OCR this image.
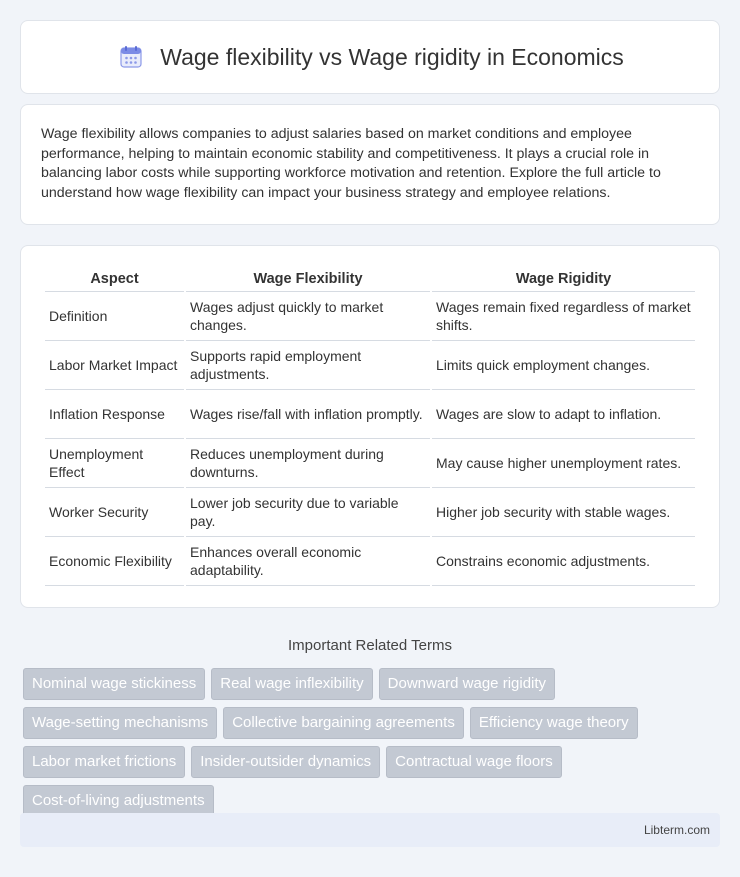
Wage flexibility vs Wage rigidity in Economics

Wage flexibility allows companies to adjust salaries based on market conditions and employee performance, helping to maintain economic stability and competitiveness. It plays a crucial role in balancing labor costs while supporting workforce motivation and retention. Explore the full article to understand how wage flexibility can impact your business strategy and employee relations.

Aspect	Wage Flexibility	Wage Rigidity
Definition	Wages adjust quickly to market changes.	Wages remain fixed regardless of market shifts.
Labor Market Impact	Supports rapid employment adjustments.	Limits quick employment changes.
Inflation Response	Wages rise/fall with inflation promptly.	Wages are slow to adapt to inflation.
Unemployment Effect	Reduces unemployment during downturns.	May cause higher unemployment rates.
Worker Security	Lower job security due to variable pay.	Higher job security with stable wages.
Economic Flexibility	Enhances overall economic adaptability.	Constrains economic adjustments.
Important Related Terms
Nominal wage stickiness	Real wage inflexibility	Downward wage rigidity
Wage-setting mechanisms	Collective bargaining agreements	Efficiency wage theory
Labor market frictions	Insider-outsider dynamics	Contractual wage floors
Cost-of-living adjustments
Libterm.com
